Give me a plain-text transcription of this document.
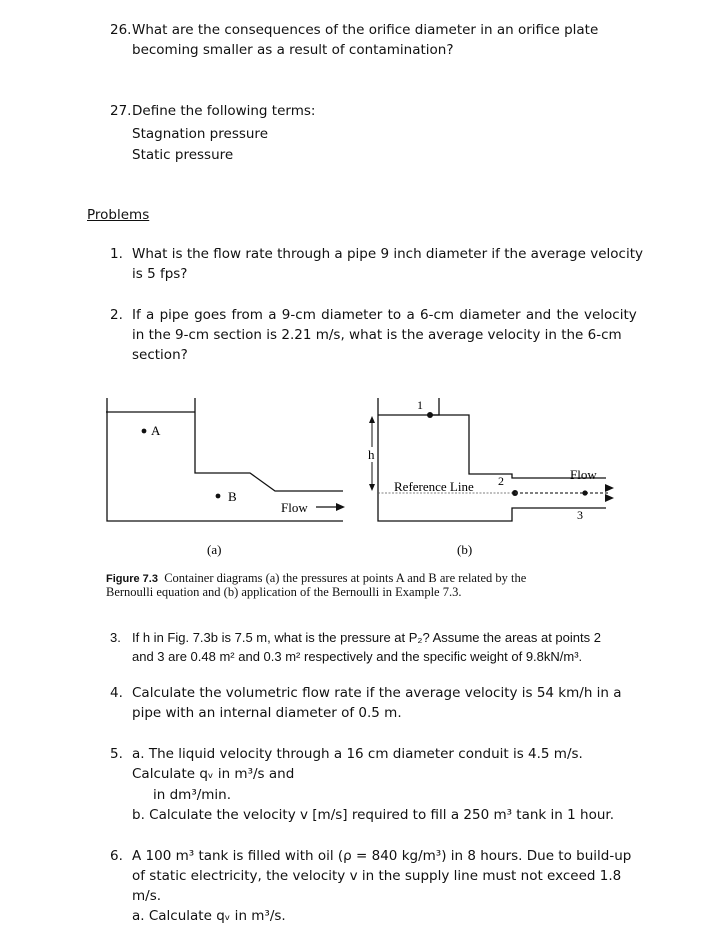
26. What are the consequences of the orifice diameter in an orifice plate
becoming smaller as a result of contamination?
27. Define the following terms:
Stagnation pressure
Static pressure
Problems
1. What is the flow rate through a pipe 9 inch diameter if the average velocity
is 5 fps?
2. If a pipe goes from a 9-cm diameter to a 6-cm diameter and the velocity
in the 9-cm section is 2.21 m/s, what is the average velocity in the 6-cm
section?
A
B
Flow
(a)
1
h
Reference Line 2	Flow
3
(b)
Figure 7.3 Container diagrams (a) the pressures at points A and B are related by the
Bernoulli equation and (b) application of the Bernoulli in Example 7.3.
3. If h in Fig. 7.3b is 7.5 m, what is the pressure at P₂? Assume the areas at points 2
and 3 are 0.48 m² and 0.3 m² respectively and the specific weight of 9.8kN/m³.
4. Calculate the volumetric flow rate if the average velocity is 54 km/h in a
pipe with an internal diameter of 0.5 m.
5. a. The liquid velocity through a 16 cm diameter conduit is 4.5 m/s.
Calculate qᵥ in m³/s and
in dm³/min.
b. Calculate the velocity v [m/s] required to fill a 250 m³ tank in 1 hour.
6. A 100 m³ tank is filled with oil (ρ = 840 kg/m³) in 8 hours. Due to build-up
of static electricity, the velocity v in the supply line must not exceed 1.8
m/s.
a. Calculate qᵥ in m³/s.
